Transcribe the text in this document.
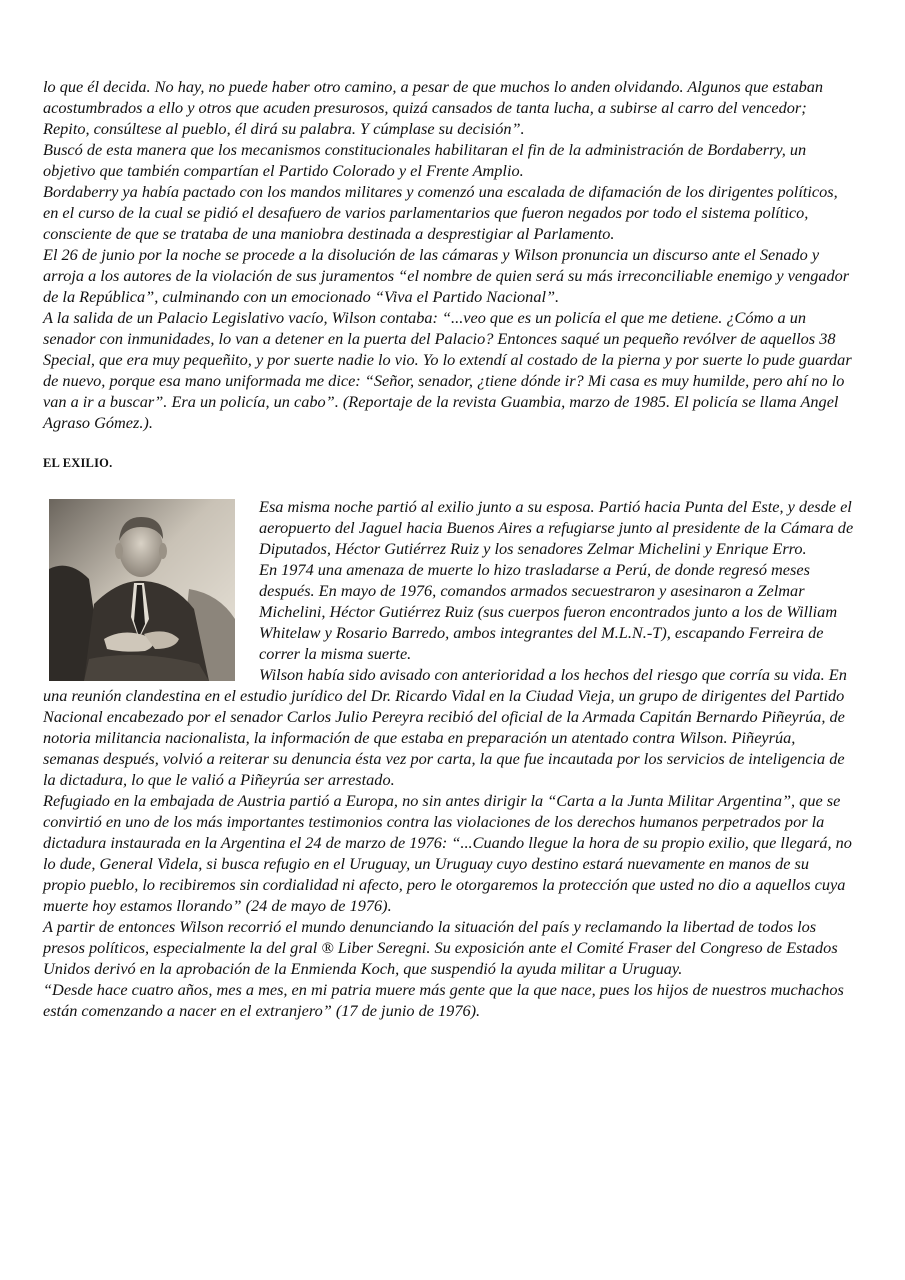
lo que él decida. No hay, no puede haber otro camino, a pesar de que muchos lo anden olvidando. Algunos que estaban acostumbrados a ello y otros que acuden presurosos, quizá cansados de tanta lucha, a subirse al carro del vencedor; Repito, consúltese al pueblo, él dirá su palabra. Y cúmplase su decisión”.

Buscó de esta manera que los mecanismos constitucionales habilitaran el fin de la administración de Bordaberry, un objetivo que también compartían el Partido Colorado y el Frente Amplio.

Bordaberry ya había pactado con los mandos militares y comenzó una escalada de difamación de los dirigentes políticos, en el curso de la cual se pidió el desafuero de varios parlamentarios que fueron negados por todo el sistema político, consciente de que se trataba de una maniobra destinada a desprestigiar al Parlamento.

El 26 de junio por la noche se procede a la disolución de las cámaras y Wilson pronuncia un discurso ante el Senado y arroja a los autores de la violación de sus juramentos “el nombre de quien será su más irreconciliable enemigo y vengador de la República”, culminando con un emocionado “Viva el Partido Nacional”.

A la salida de un Palacio Legislativo vacío, Wilson contaba: “...veo que es un policía el que me detiene. ¿Cómo a un senador con inmunidades, lo van a detener en la puerta del Palacio? Entonces saqué un pequeño revólver de aquellos 38 Special, que era muy pequeñito, y por suerte nadie lo vio. Yo lo extendí al costado de la pierna y por suerte lo pude guardar de nuevo, porque esa mano uniformada me dice: “Señor, senador, ¿tiene dónde ir? Mi casa es muy humilde, pero ahí no lo van a ir a buscar”. Era un policía, un cabo”. (Reportaje de la revista Guambia, marzo de 1985. El policía se llama Angel Agraso Gómez.).

EL EXILIO.

Esa misma noche partió al exilio junto a su esposa. Partió hacia Punta del Este, y desde el aeropuerto del Jaguel hacia Buenos Aires a refugiarse junto al presidente de la Cámara de Diputados, Héctor Gutiérrez Ruiz y los senadores Zelmar Michelini y Enrique Erro.

En 1974 una amenaza de muerte lo hizo trasladarse a Perú, de donde regresó meses después. En mayo de 1976, comandos armados secuestraron y asesinaron a Zelmar Michelini, Héctor Gutiérrez Ruiz (sus cuerpos fueron encontrados junto a los de William Whitelaw y Rosario Barredo, ambos integrantes del M.L.N.-T), escapando Ferreira de correr la misma suerte.

Wilson había sido avisado con anterioridad a los hechos del riesgo que corría su vida. En una reunión clandestina en el estudio jurídico del Dr. Ricardo Vidal en la Ciudad Vieja, un grupo de dirigentes del Partido Nacional encabezado por el senador Carlos Julio Pereyra recibió del oficial de la Armada Capitán Bernardo Piñeyrúa, de notoria militancia nacionalista, la información de que estaba en preparación un atentado contra Wilson. Piñeyrúa, semanas después, volvió a reiterar su denuncia ésta vez por carta, la que fue incautada por los servicios de inteligencia de la dictadura, lo que le valió a Piñeyrúa ser arrestado.

Refugiado en la embajada de Austria partió a Europa, no sin antes dirigir la “Carta a la Junta Militar Argentina”, que se convirtió en uno de los más importantes testimonios contra las violaciones de los derechos humanos perpetrados por la dictadura instaurada en la Argentina el 24 de marzo de 1976: “...Cuando llegue la hora de su propio exilio, que llegará, no lo dude, General Videla, si busca refugio en el Uruguay, un Uruguay cuyo destino estará nuevamente en manos de su propio pueblo, lo recibiremos sin cordialidad ni afecto, pero le otorgaremos la protección que usted no dio a aquellos cuya muerte hoy estamos llorando” (24 de mayo de 1976).

A partir de entonces Wilson recorrió el mundo denunciando la situación del país y reclamando la libertad de todos los presos políticos, especialmente la del gral ® Liber Seregni. Su exposición ante el Comité Fraser del Congreso de Estados Unidos derivó en la aprobación de la Enmienda Koch, que suspendió la ayuda militar a Uruguay.

“Desde hace cuatro años, mes a mes, en mi patria muere más gente que la que nace, pues los hijos de nuestros muchachos están comenzando a nacer en el extranjero” (17 de junio de 1976).
